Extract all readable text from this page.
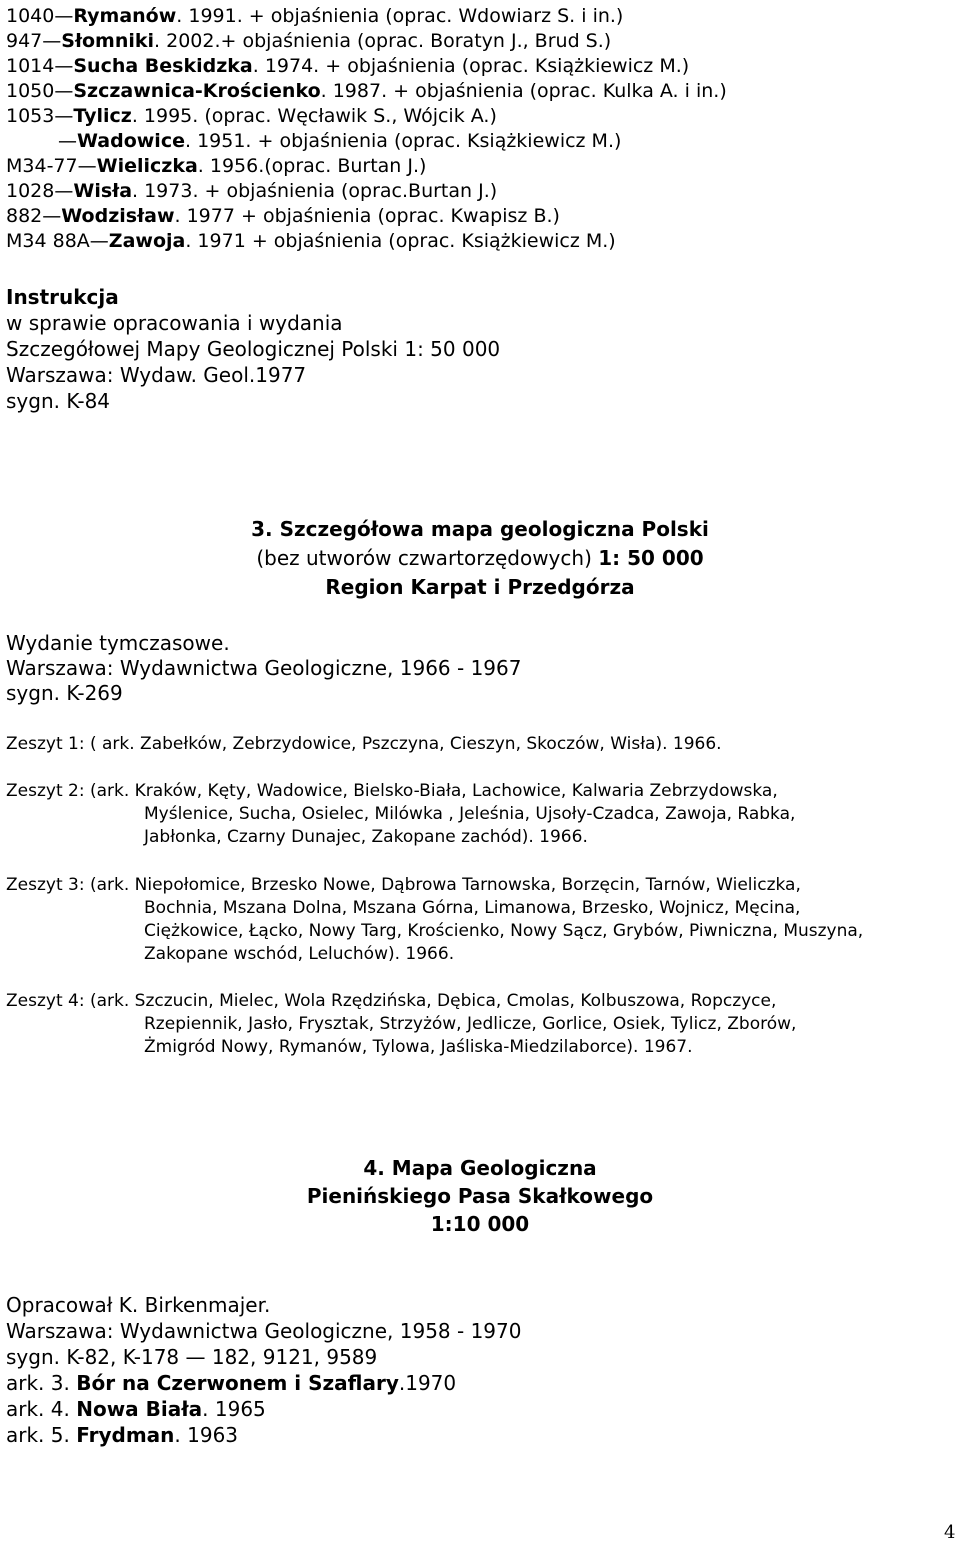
1040—Rymanów. 1991. + objaśnienia (oprac. Wdowiarz S. i in.)
947—Słomniki. 2002.+ objaśnienia (oprac. Boratyn J., Brud S.)
1014—Sucha Beskidzka. 1974. + objaśnienia (oprac. Książkiewicz M.)
1050—Szczawnica-Krościenko. 1987. + objaśnienia (oprac. Kulka A. i in.)
1053—Tylicz. 1995. (oprac. Węcławik S., Wójcik A.)
—Wadowice. 1951. + objaśnienia (oprac. Książkiewicz M.)
M34-77—Wieliczka. 1956.(oprac. Burtan J.)
1028—Wisła. 1973. + objaśnienia (oprac.Burtan J.)
882—Wodzisław. 1977 + objaśnienia (oprac. Kwapisz B.)
M34 88A—Zawoja. 1971 + objaśnienia (oprac. Książkiewicz M.)
Instrukcja
w sprawie opracowania i wydania
Szczegółowej Mapy Geologicznej Polski 1: 50 000
Warszawa: Wydaw. Geol.1977
sygn. K-84
3. Szczegółowa mapa geologiczna Polski
(bez utworów czwartorzędowych) 1: 50 000
Region Karpat i Przedgórza
Wydanie tymczasowe.
Warszawa: Wydawnictwa Geologiczne, 1966 - 1967
sygn. K-269
Zeszyt 1: ( ark. Zabełków, Zebrzydowice, Pszczyna, Cieszyn, Skoczów, Wisła). 1966.
Zeszyt 2: (ark. Kraków, Kęty, Wadowice, Bielsko-Biała, Lachowice, Kalwaria Zebrzydowska,
Myślenice, Sucha, Osielec, Milówka , Jeleśnia, Ujsoły-Czadca, Zawoja, Rabka,
Jabłonka, Czarny Dunajec, Zakopane zachód). 1966.
Zeszyt 3: (ark. Niepołomice, Brzesko Nowe, Dąbrowa Tarnowska, Borzęcin, Tarnów, Wieliczka,
Bochnia, Mszana Dolna, Mszana Górna, Limanowa, Brzesko, Wojnicz, Męcina,
Ciężkowice, Łącko, Nowy Targ, Krościenko, Nowy Sącz, Grybów, Piwniczna, Muszyna,
Zakopane wschód, Leluchów). 1966.
Zeszyt 4: (ark. Szczucin, Mielec, Wola Rzędzińska, Dębica, Cmolas, Kolbuszowa, Ropczyce,
Rzepiennik, Jasło, Frysztak, Strzyżów, Jedlicze, Gorlice, Osiek, Tylicz, Zborów,
Żmigród Nowy, Rymanów, Tylowa, Jaśliska-Miedzilaborce). 1967.
4. Mapa Geologiczna
Pienińskiego Pasa Skałkowego
1:10 000
Opracował K. Birkenmajer.
Warszawa: Wydawnictwa Geologiczne, 1958 - 1970
sygn. K-82, K-178 — 182, 9121, 9589
ark. 3. Bór na Czerwonem i Szaflary.1970
ark. 4. Nowa Biała. 1965
ark. 5. Frydman. 1963
4
